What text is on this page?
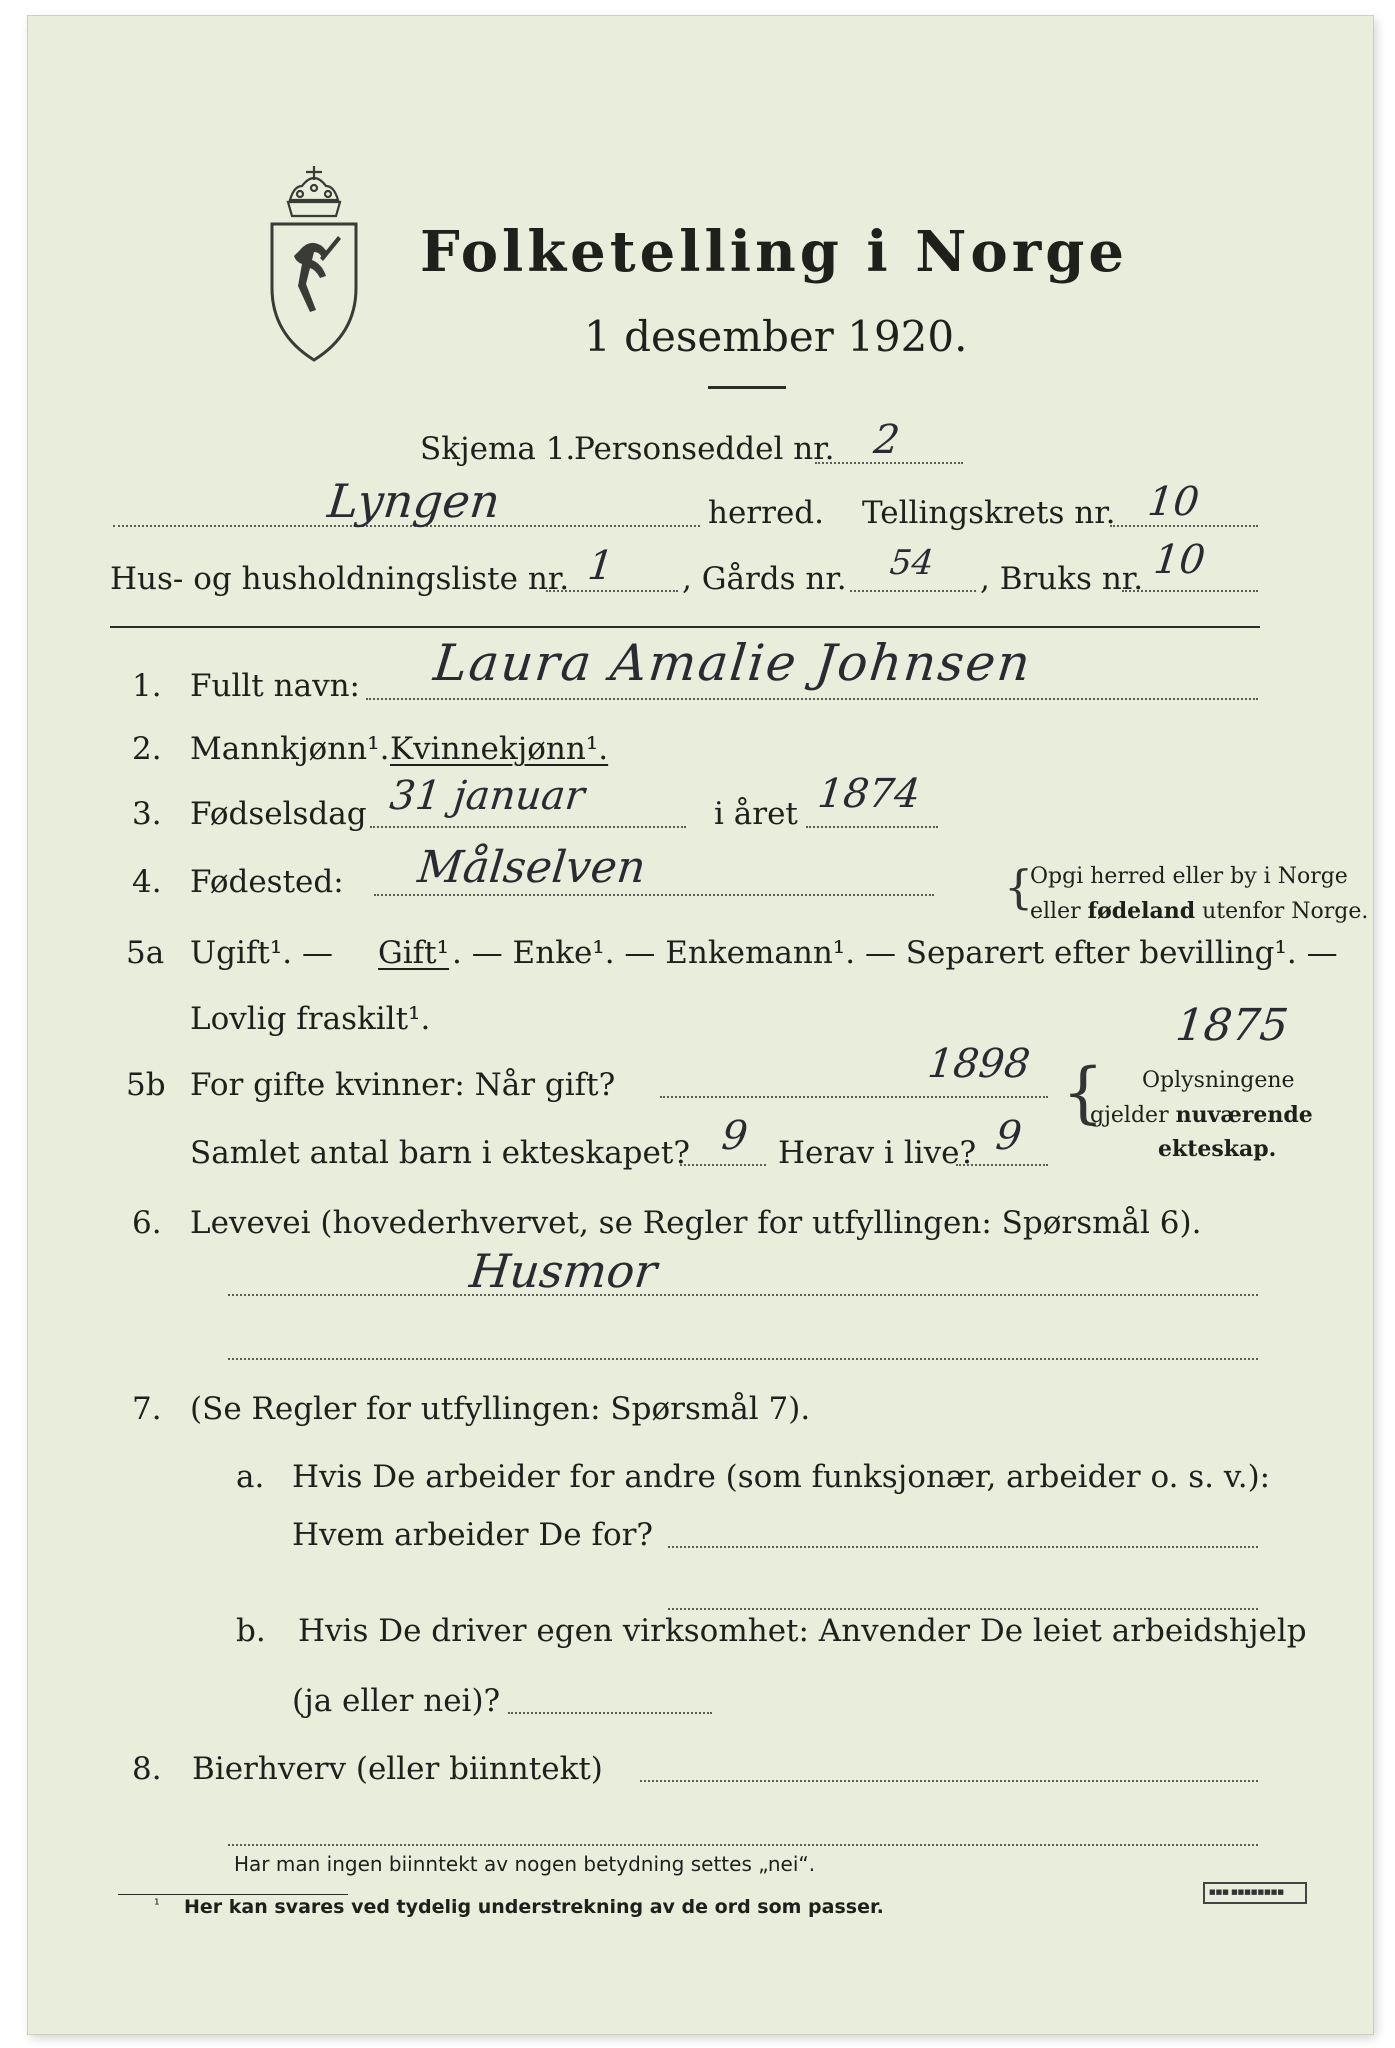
Folketelling i Norge
1 desember 1920.
Skjema 1.
Personseddel nr. 2
Lyngen	herred. Tellingskrets nr. 10
Hus- og husholdningsliste nr. 1 , Gårds nr. 54 , Bruks nr. 10
1. Fullt navn: Laura Amalie Johnsen
2. Mannkjønn¹. Kvinnekjønn¹.
3. Fødselsdag 31 januar	i året 1874
4. Fødested: Målselven	{
Opgi herred eller by i Norge
eller fødeland utenfor Norge.
5a Ugift¹. — Gift¹ . — Enke¹. — Enkemann¹. — Separert efter bevilling¹. —
Lovlig fraskilt¹.
5b For gifte kvinner: Når gift?	1898
1875
{ Oplysningene
gjelder nuværende
ekteskap.
Samlet antal barn i ekteskapet? 9 Herav i live? 9
6. Levevei (hovederhvervet, se Regler for utfyllingen: Spørsmål 6).
Husmor
7. (Se Regler for utfyllingen: Spørsmål 7).
a. Hvis De arbeider for andre (som funksjonær, arbeider o. s. v.):
Hvem arbeider De for?
b. Hvis De driver egen virksomhet: Anvender De leiet arbeidshjelp
(ja eller nei)?
8. Bierhverv (eller biinntekt)
Har man ingen biinntekt av nogen betydning settes „nei“.
¹ Her kan svares ved tydelig understrekning av de ord som passer.
■■■ ■■■■■■■■
